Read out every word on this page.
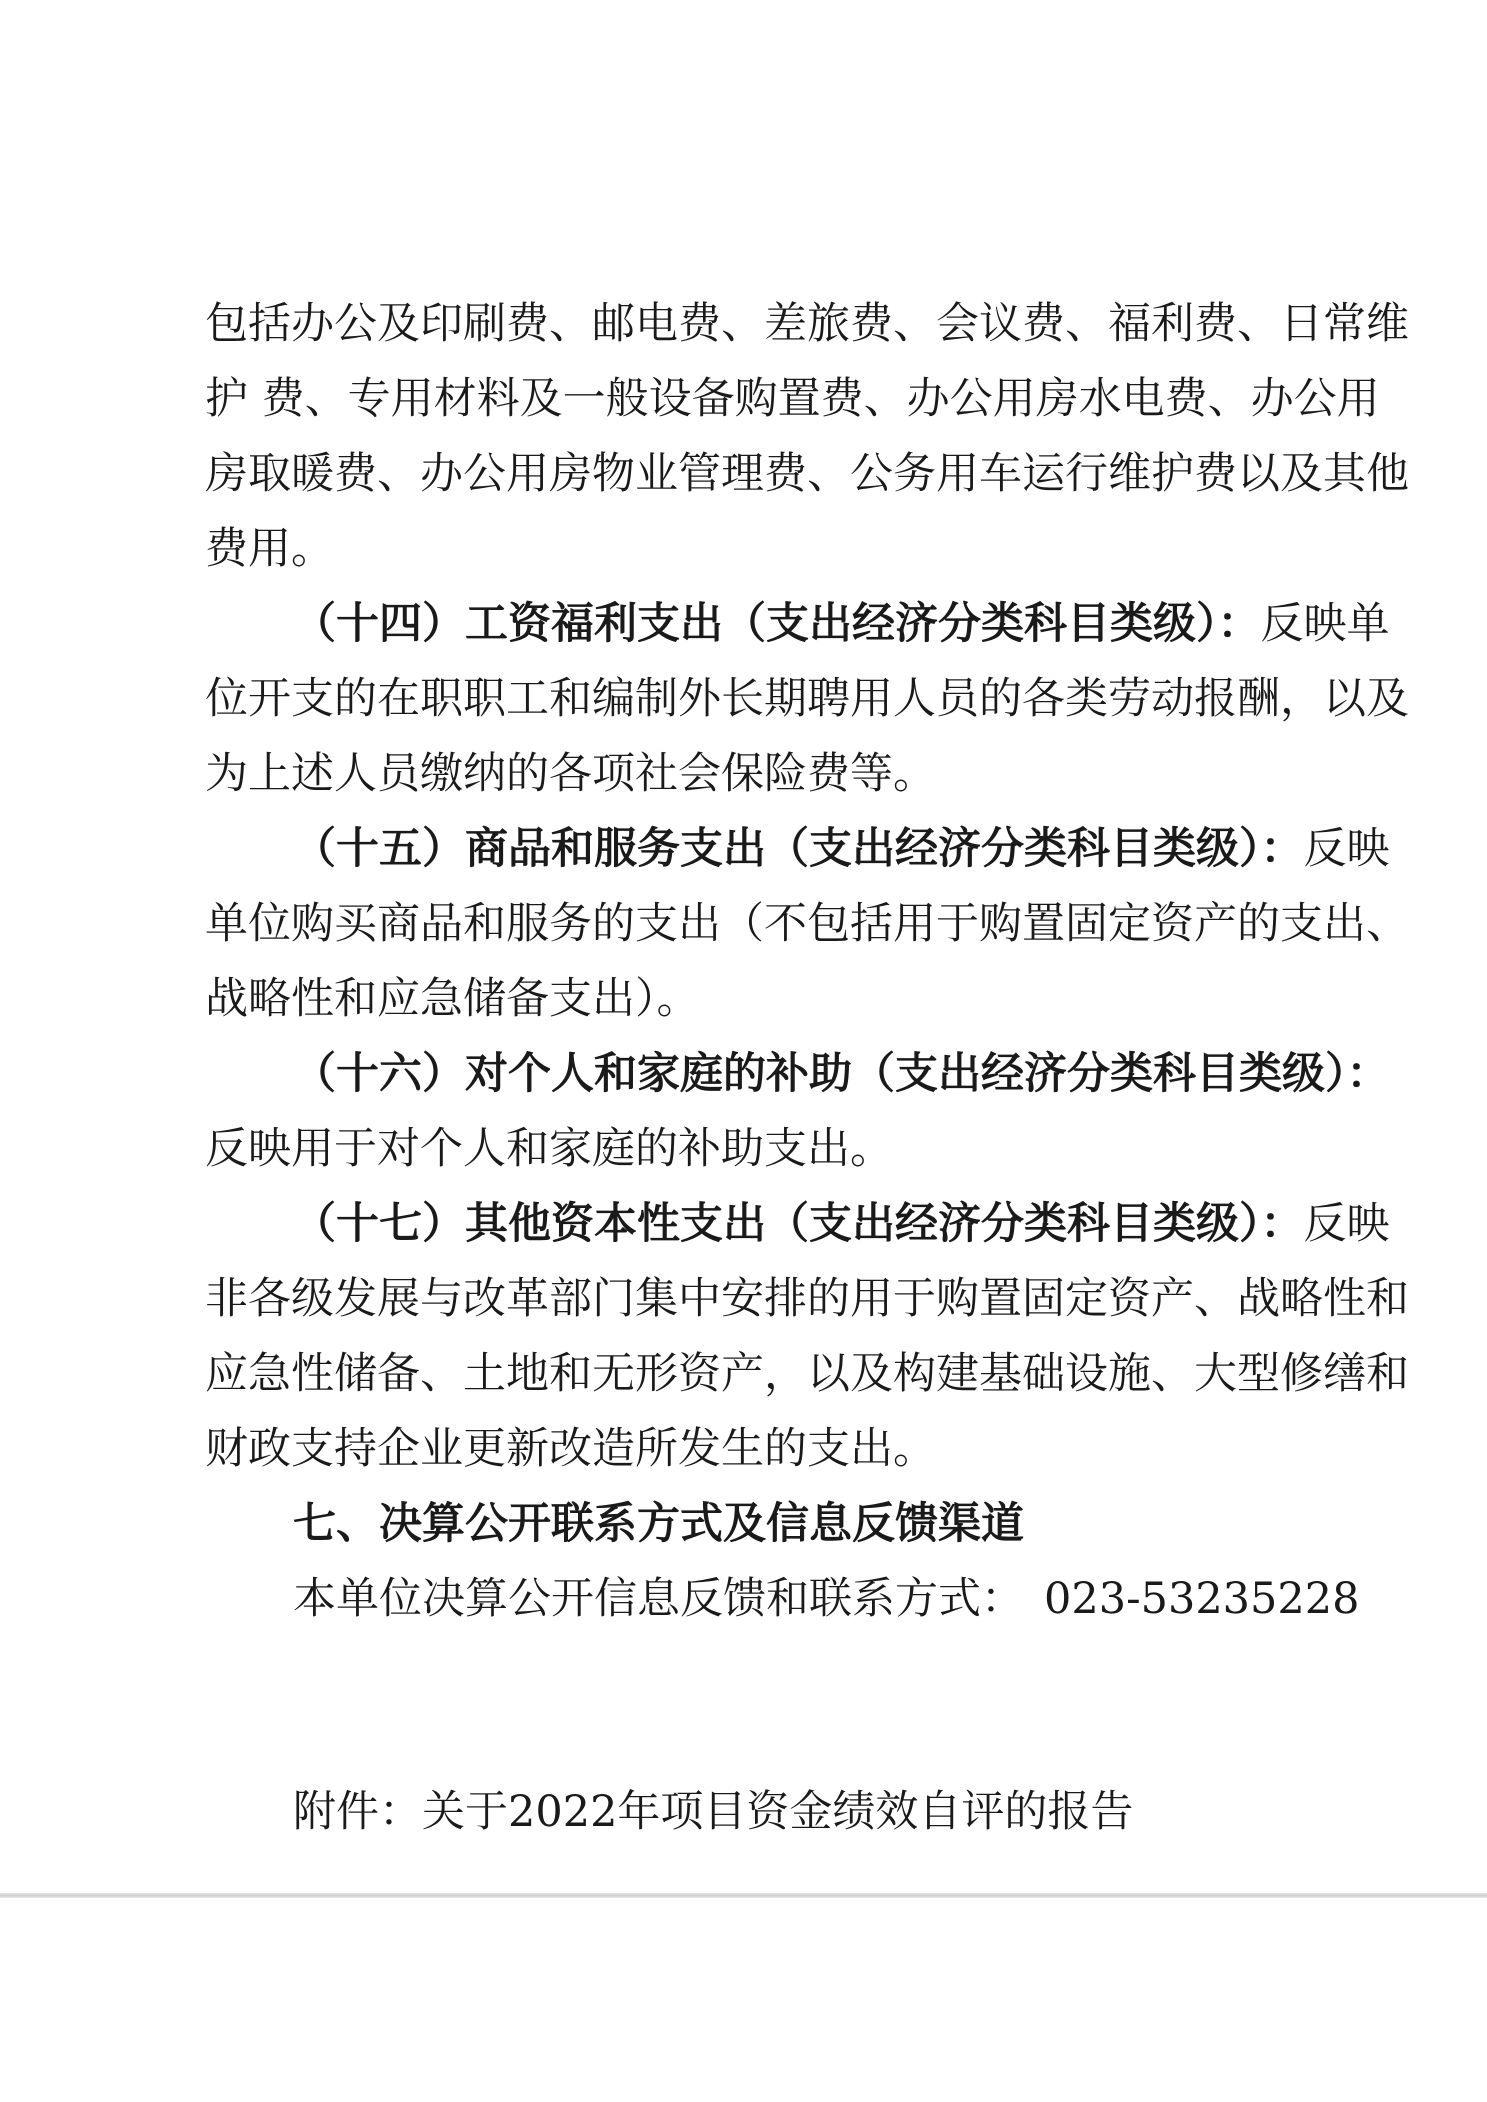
包括办公及印刷费、邮电费、差旅费、会议费、福利费、日常维
护 费、专用材料及一般设备购置费、办公用房水电费、办公用
房取暖费、办公用房物业管理费、公务用车运行维护费以及其他
费用。
（十四）工资福利支出（支出经济分类科目类级）：反映单
位开支的在职职工和编制外长期聘用人员的各类劳动报酬，以及
为上述人员缴纳的各项社会保险费等。
（十五）商品和服务支出（支出经济分类科目类级）：反映
单位购买商品和服务的支出（不包括用于购置固定资产的支出、
战略性和应急储备支出）。
（十六）对个人和家庭的补助（支出经济分类科目类级）：
反映用于对个人和家庭的补助支出。
（十七）其他资本性支出（支出经济分类科目类级）：反映
非各级发展与改革部门集中安排的用于购置固定资产、战略性和
应急性储备、土地和无形资产，以及构建基础设施、大型修缮和
财政支持企业更新改造所发生的支出。
七、决算公开联系方式及信息反馈渠道
本单位决算公开信息反馈和联系方式： 023-53235228
附件：关于2022年项目资金绩效自评的报告
